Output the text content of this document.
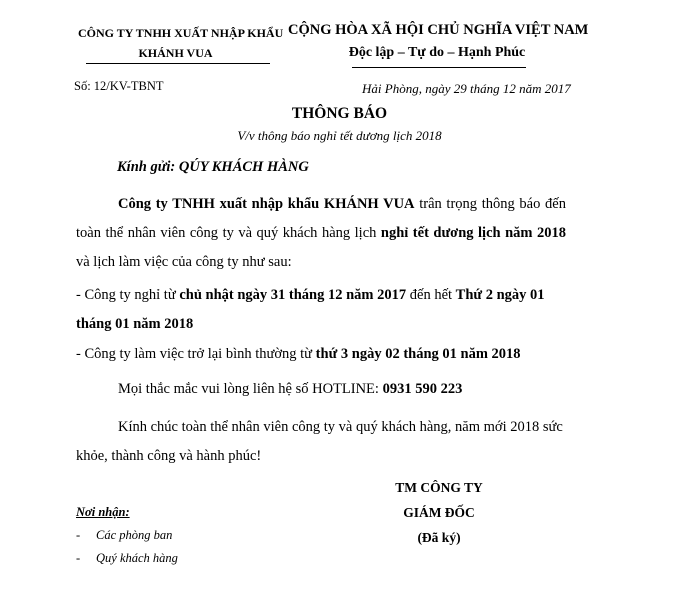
CÔNG TY TNHH XUẤT NHẬP KHẨU
KHÁNH VUA
CỘNG HÒA XÃ HỘI CHỦ NGHĨA VIỆT NAM
Độc lập – Tự do – Hạnh Phúc
Số: 12/KV-TBNT	Hải Phòng, ngày 29 tháng 12 năm 2017
THÔNG BÁO
V/v thông báo nghỉ tết dương lịch 2018
Kính gửi: QÚY KHÁCH HÀNG
Công ty TNHH xuất nhập khẩu KHÁNH VUA trân trọng thông báo đến toàn thể nhân viên công ty và quý khách hàng lịch nghỉ tết dương lịch năm 2018 và lịch làm việc của công ty như sau:
- Công ty nghỉ từ chủ nhật ngày 31 tháng 12 năm 2017 đến hết Thứ 2 ngày 01 tháng 01 năm 2018
- Công ty làm việc trở lại bình thường từ thứ 3 ngày 02 tháng 01 năm 2018
Mọi thắc mắc vui lòng liên hệ số HOTLINE: 0931 590 223
Kính chúc toàn thể nhân viên công ty và quý khách hàng, năm mới 2018 sức khỏe, thành công và hành phúc!
TM CÔNG TY
GIÁM ĐỐC
(Đã ký)
Nơi nhận:
- Các phòng ban
- Quý khách hàng
